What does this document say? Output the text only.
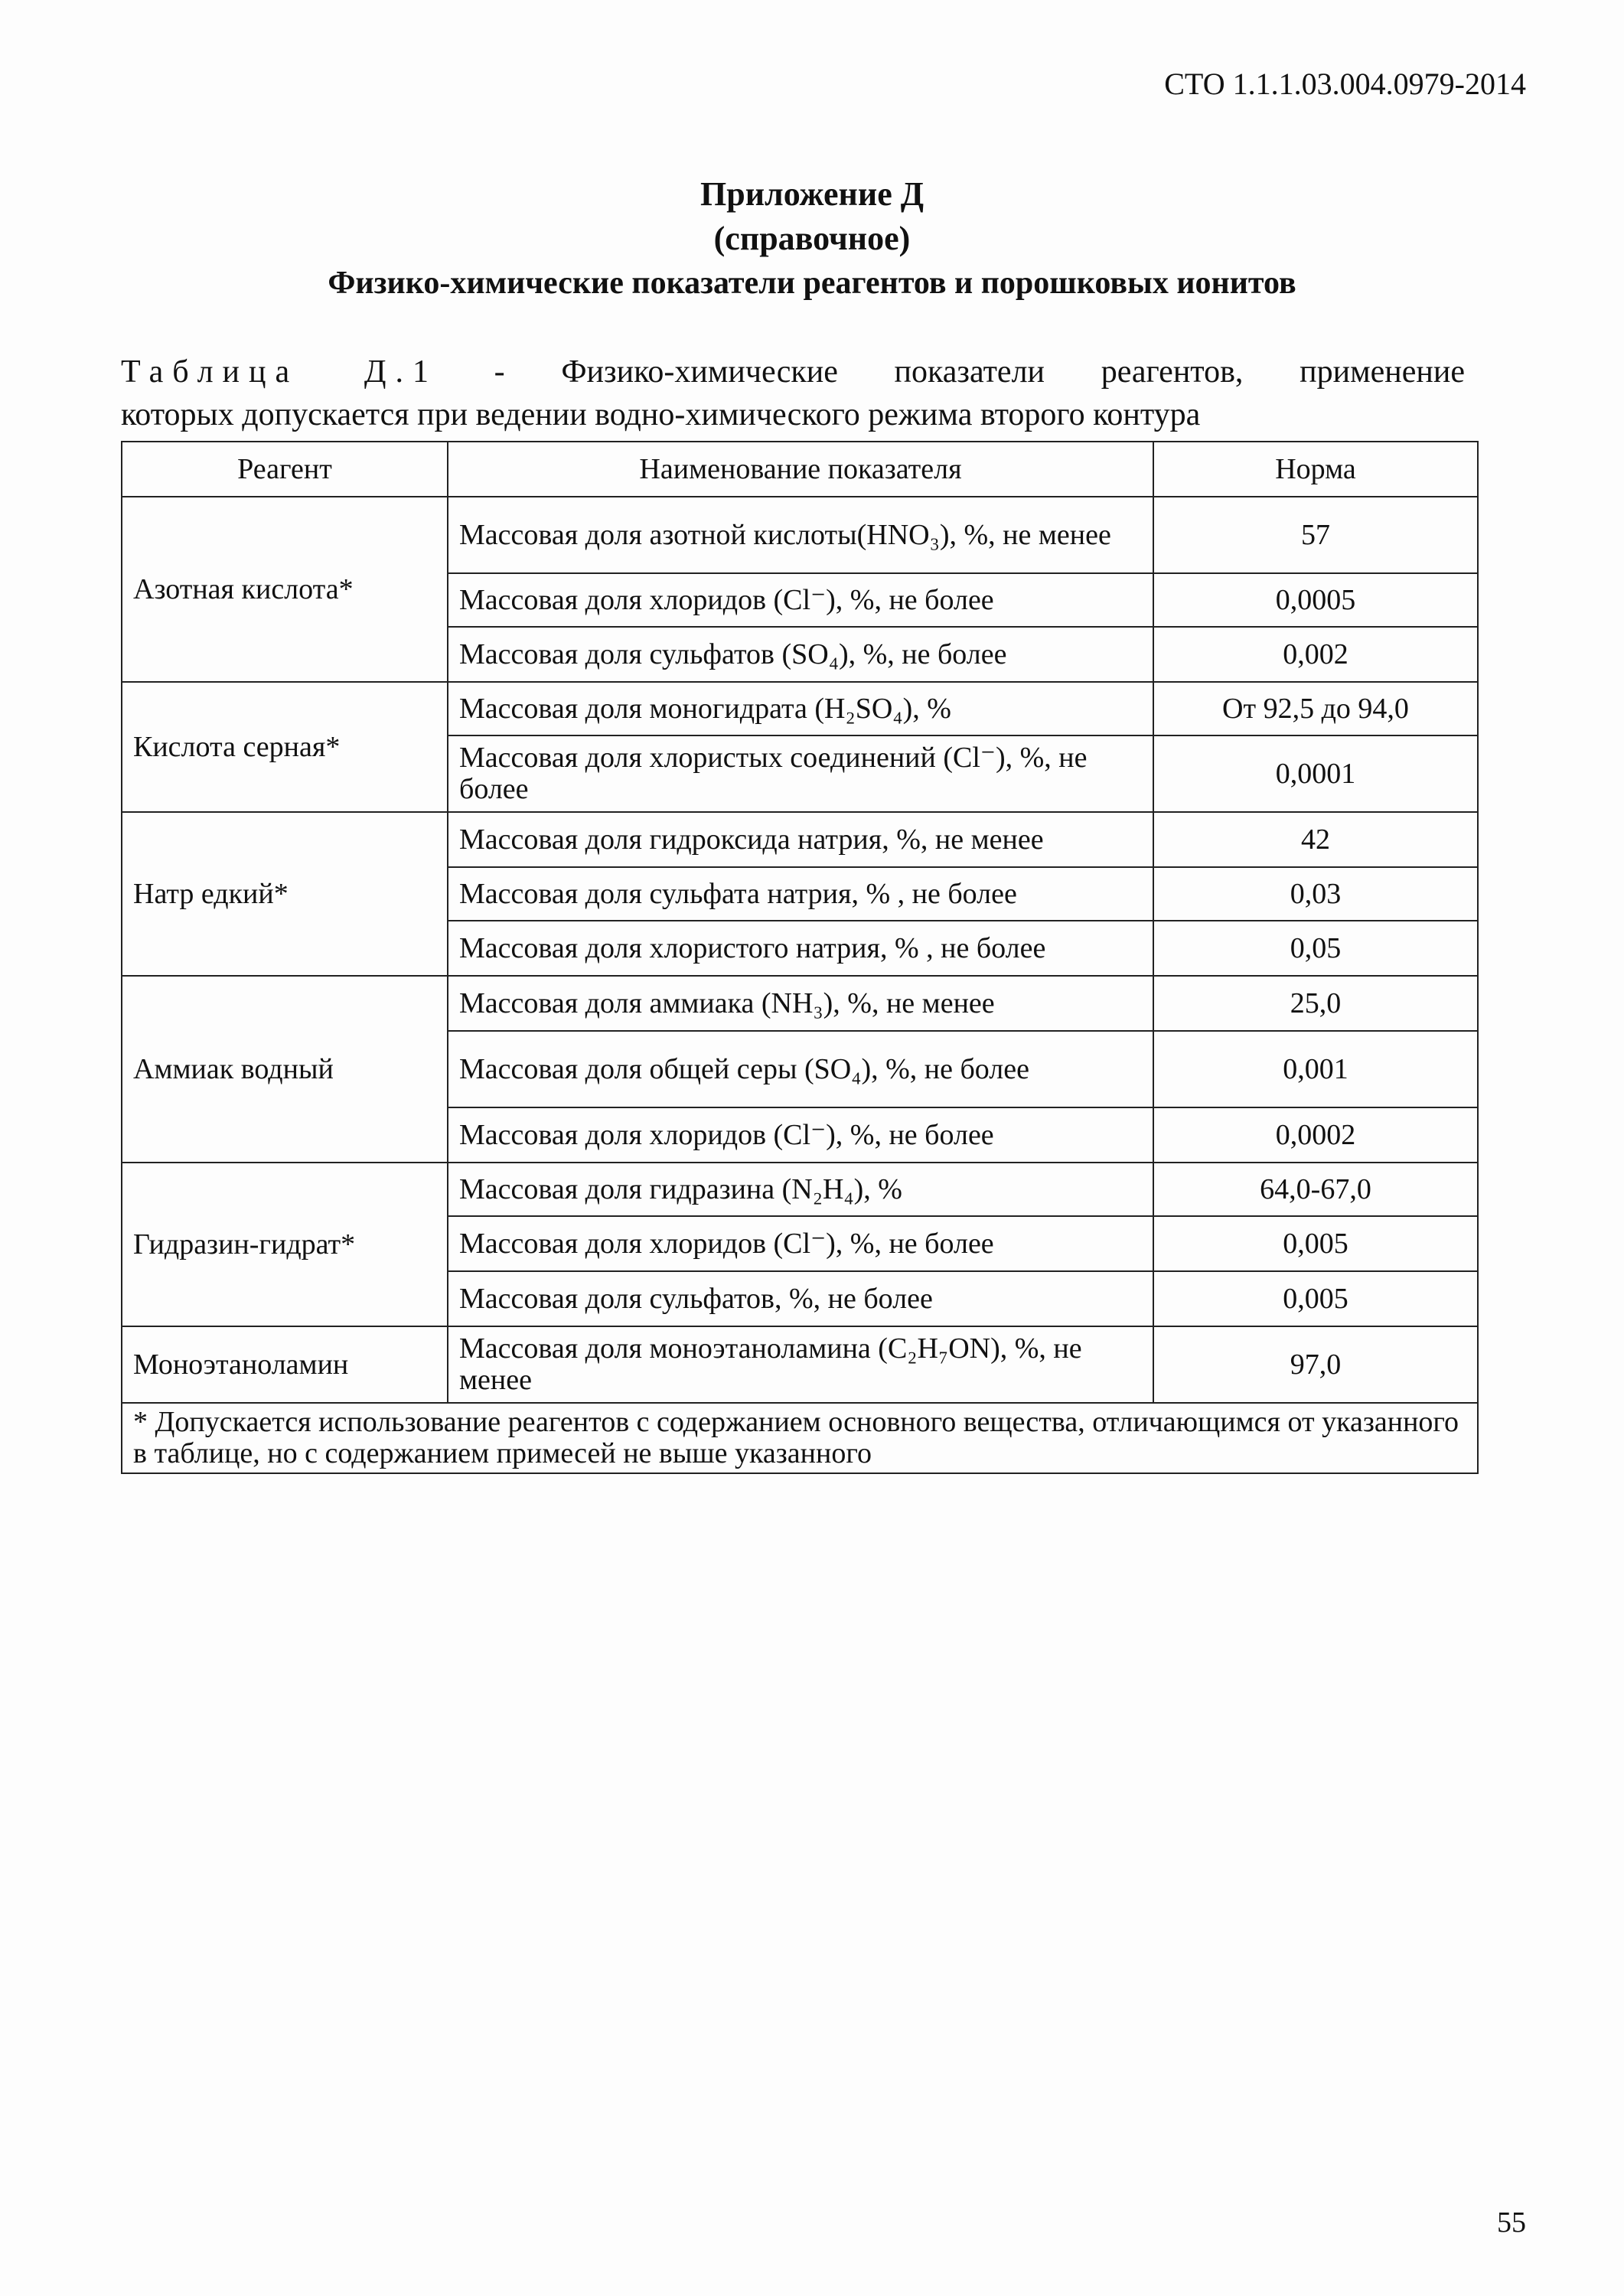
СТО 1.1.1.03.004.0979-2014
Приложение Д
(справочное)
Физико-химические показатели реагентов и порошковых ионитов
Таблица Д.1 - Физико-химические показатели реагентов, применение
которых допускается при ведении водно-химического режима второго контура
Реагент	Наименование показателя	Норма
Азотная кислота*	Массовая доля азотной кислоты(HNO₃), %, не менее	57
	Массовая доля хлоридов (Cl⁻), %, не более	0,0005
	Массовая доля сульфатов (SO₄), %, не более	0,002
Кислота серная*	Массовая доля моногидрата (H₂SO₄), %	От 92,5 до 94,0
	Массовая доля хлористых соединений (Cl⁻), %, не более	0,0001
Натр едкий*	Массовая доля гидроксида натрия, %, не менее	42
	Массовая доля сульфата натрия, % , не более	0,03
	Массовая доля хлористого натрия, % , не более	0,05
Аммиак водный	Массовая доля аммиака (NH₃), %, не менее	25,0
	Массовая доля общей серы (SO₄), %, не более	0,001
	Массовая доля хлоридов (Cl⁻), %, не более	0,0002
Гидразин-гидрат*	Массовая доля гидразина (N₂H₄), %	64,0-67,0
	Массовая доля хлоридов (Cl⁻), %, не более	0,005
	Массовая доля сульфатов, %, не более	0,005
Моноэтаноламин	Массовая доля моноэтаноламина (C₂H₇ON), %, не менее	97,0
* Допускается использование реагентов с содержанием основного вещества, отличающимся от указанного в таблице, но с содержанием примесей не выше указанного		
55
